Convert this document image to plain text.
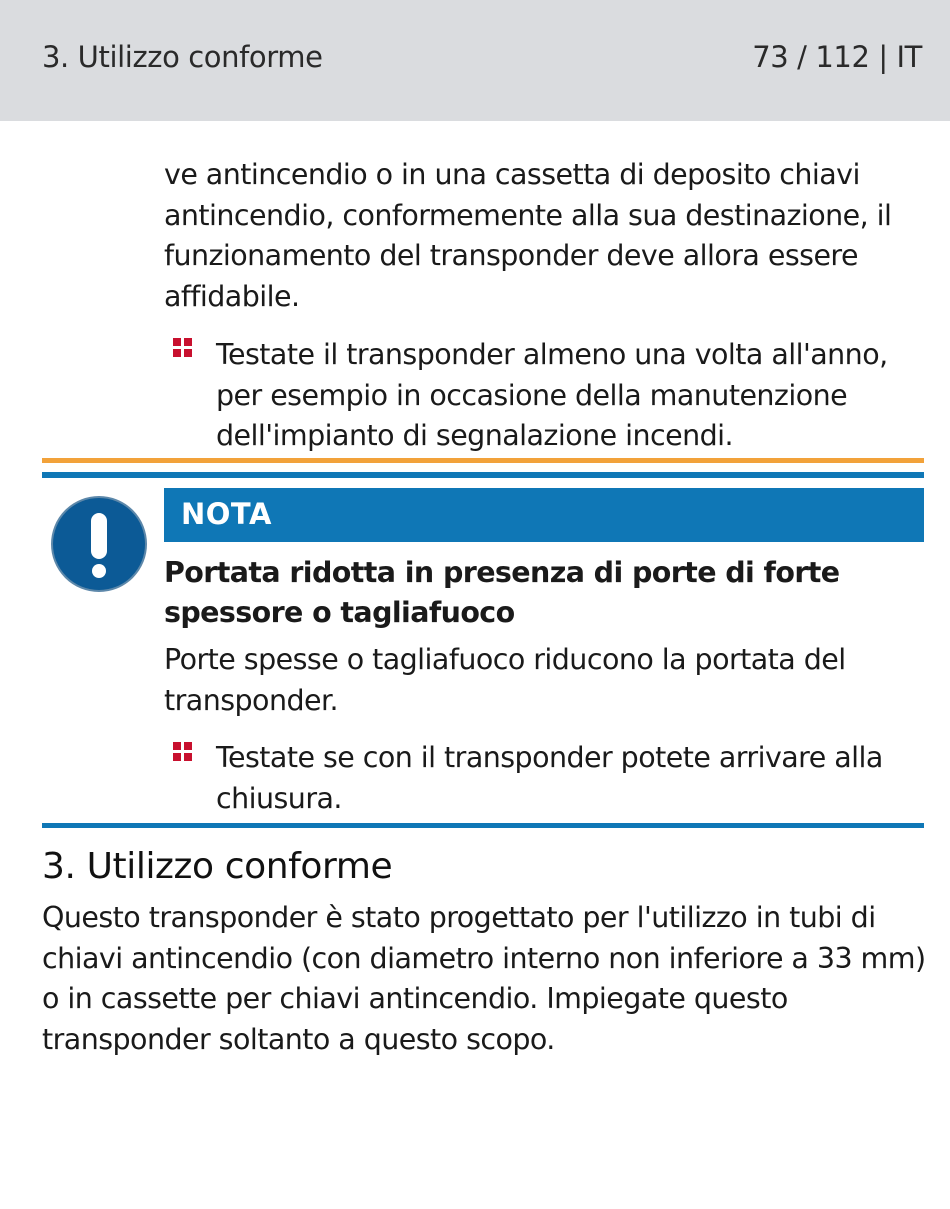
3. Utilizzo conforme	73 / 112 | IT
ve antincendio o in una cassetta di deposito chiavi antincendio, conformemente alla sua destinazione, il funzionamento del transponder deve allora essere affidabile.
Testate il transponder almeno una volta all'anno, per esempio in occasione della manutenzione dell'impianto di segnalazione incendi.
NOTA
Portata ridotta in presenza di porte di forte spessore o tagliafuoco
Porte spesse o tagliafuoco riducono la portata del transponder.
Testate se con il transponder potete arrivare alla chiusura.
3. Utilizzo conforme
Questo transponder è stato progettato per l'utilizzo in tubi di chiavi antincendio (con diametro interno non inferiore a 33 mm) o in cassette per chiavi antincendio. Impiegate questo transponder soltanto a questo scopo.
